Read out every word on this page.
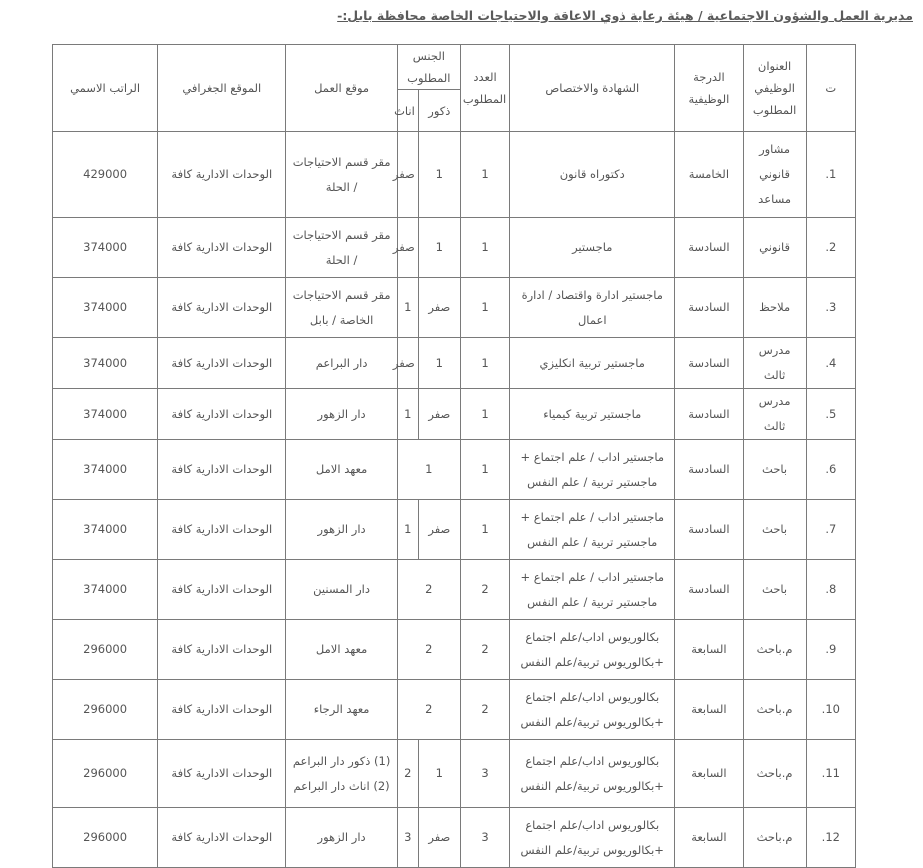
مديرية العمل والشؤون الاجتماعية / هيئة رعاية ذوي الاعاقة والاحتياجات الخاصة محافظة بابل:-
ت	العنوان الوظيفي المطلوب	الدرجة الوظيفية	الشهادة والاختصاص	العدد المطلوب	الجنس المطلوب		موقع العمل	الموقع الجغرافي	الراتب الاسمي
					ذكور	اناث			
1.	مشاور قانوني مساعد	الخامسة	دكتوراه قانون	1	1	صفر	مقر قسم الاحتياجات / الحلة	الوحدات الادارية كافة	429000
2.	قانوني	السادسة	ماجستير	1	1	صفر	مقر قسم الاحتياجات / الحلة	الوحدات الادارية كافة	374000
3.	ملاحظ	السادسة	ماجستير ادارة واقتصاد / ادارة اعمال	1	صفر	1	مقر قسم الاحتياجات الخاصة / بابل	الوحدات الادارية كافة	374000
4.	مدرس ثالث	السادسة	ماجستير تربية انكليزي	1	1	صفر	دار البراعم	الوحدات الادارية كافة	374000
5.	مدرس ثالث	السادسة	ماجستير تربية كيمياء	1	صفر	1	دار الزهور	الوحدات الادارية كافة	374000
6.	باحث	السادسة	ماجستير اداب / علم اجتماع + ماجستير تربية / علم النفس	1	1		معهد الامل	الوحدات الادارية كافة	374000
7.	باحث	السادسة	ماجستير اداب / علم اجتماع + ماجستير تربية / علم النفس	1	صفر	1	دار الزهور	الوحدات الادارية كافة	374000
8.	باحث	السادسة	ماجستير اداب / علم اجتماع + ماجستير تربية / علم النفس	2	2		دار المسنين	الوحدات الادارية كافة	374000
9.	م.باحث	السابعة	بكالوريوس اداب/علم اجتماع +بكالوريوس تربية/علم النفس	2	2		معهد الامل	الوحدات الادارية كافة	296000
10.	م.باحث	السابعة	بكالوريوس اداب/علم اجتماع +بكالوريوس تربية/علم النفس	2	2		معهد الرجاء	الوحدات الادارية كافة	296000
11.	م.باحث	السابعة	بكالوريوس اداب/علم اجتماع +بكالوريوس تربية/علم النفس	3	1	2	(1) ذكور دار البراعم (2) اناث دار البراعم	الوحدات الادارية كافة	296000
12.	م.باحث	السابعة	بكالوريوس اداب/علم اجتماع +بكالوريوس تربية/علم النفس	3	صفر	3	دار الزهور	الوحدات الادارية كافة	296000
